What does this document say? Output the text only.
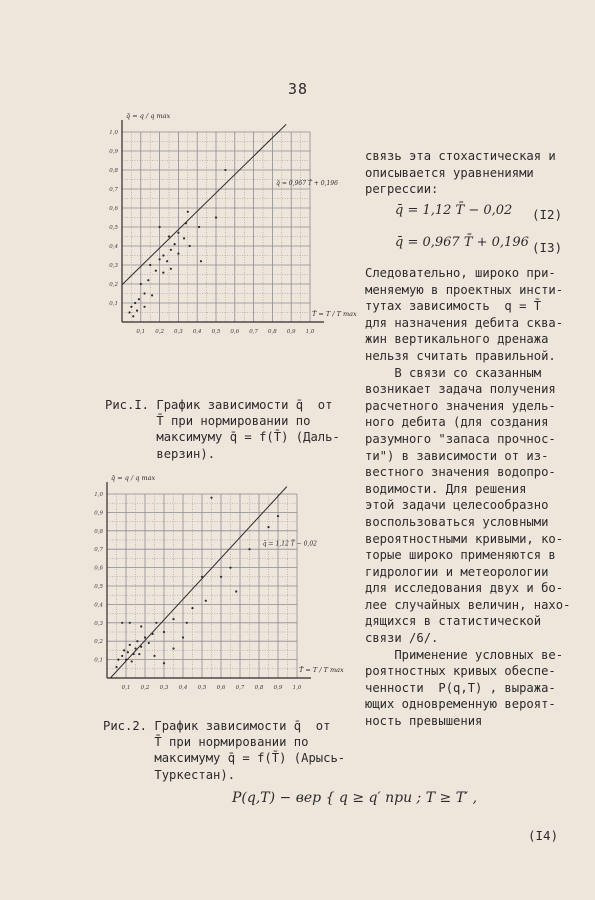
38
0,1
0,2
0,3
0,4
0,5
0,6
0,7
0,8
0,9
1,0
0,1 0,2 0,3 0,4 0,5 0,6 0,7 0,8 0,9 1,0
q̄ = q / q max
T̄ = T / T max
q̄ = 0,967 T̄ + 0,196

Рис.I. График зависимости q̄  от

T̄ при нормировании по

максимуму q̄ = f(T̄) (Даль-

верзин).

0,1
0,2
0,3
0,4
0,5
0,6
0,7
0,8
0,9
1,0
0,1 0,2 0,3 0,4 0,5 0,6 0,7 0,8 0,9 1,0
q̄ = q / q max
T̄ = T / T max
q̄ = 1,12 T̄ − 0,02

Рис.2. График зависимости q̄  от

T̄ при нормировании по

максимуму q̄ = f(T̄) (Арысь-

Туркестан).

связь эта стохастическая и

описывается уравнениями

регрессии:

q̄ = 1,12 T̄ − 0,02 (I2)
q̄ = 0,967 T̄ + 0,196 (I3)

Следовательно, широко при-

меняемую в проектных инсти-

тутах зависимость  q = T̄

для назначения дебита сква-

жин вертикального дренажа

нельзя считать правильной.

В связи со сказанным

возникает задача получения

расчетного значения удель-

ного дебита (для создания

разумного "запаса прочнос-

ти") в зависимости от из-

вестного значения водопро-

водимости. Для решения

этой задачи целесообразно

воспользоваться условными

вероятностными кривыми, ко-

торые широко применяются в

гидрологии и метеорологии

для исследования двух и бо-

лее случайных величин, нахо-

дящихся в статистической

связи /6/.

Применение условных ве-

роятностных кривых обеспе-

ченности  P(q,T) , выража-

ющих одновременную вероят-

ность превышения

P(q,T) − вер { q ≥ q′ при ; T ≥ T′ ,
(I4)
